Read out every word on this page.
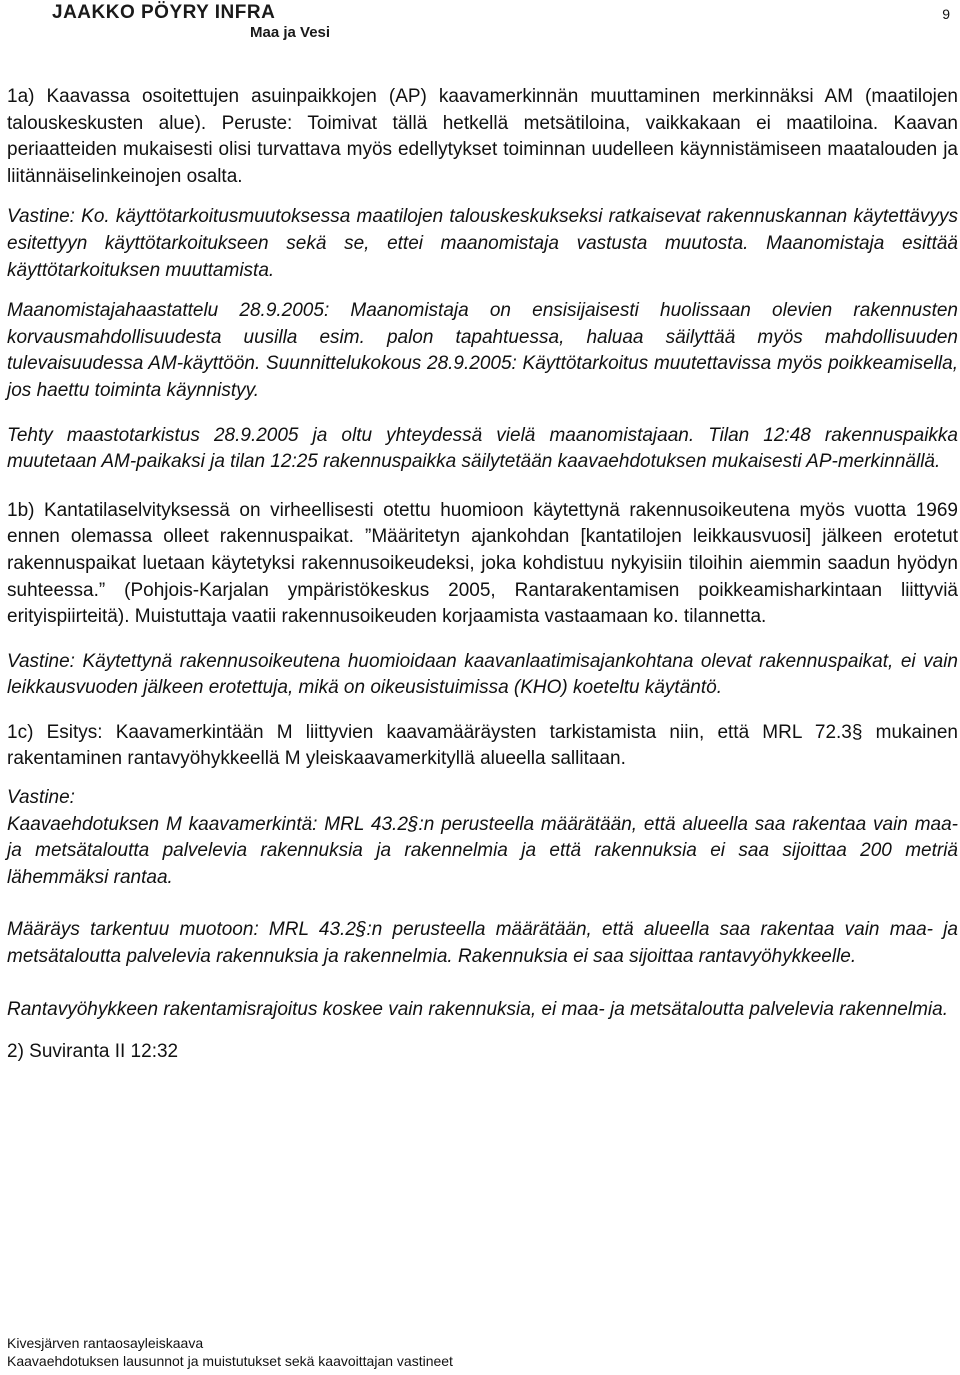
JAAKKO PÖYRY INFRA
Maa ja Vesi
9

1a) Kaavassa osoitettujen asuinpaikkojen (AP) kaavamerkinnän muuttaminen merkinnäksi AM (maatilojen talouskeskusten alue). Peruste: Toimivat tällä hetkellä metsätiloina, vaikkakaan ei maatiloina. Kaavan periaatteiden mukaisesti olisi turvattava myös edellytykset toiminnan uudelleen käynnistämiseen maatalouden ja liitännäiselinkeinojen osalta.

Vastine: Ko. käyttötarkoitusmuutoksessa maatilojen talouskeskukseksi ratkaisevat rakennuskannan käytettävyys esitettyyn käyttötarkoitukseen sekä se, ettei maanomistaja vastusta muutosta. Maanomistaja esittää käyttötarkoituksen muuttamista.

Maanomistajahaastattelu 28.9.2005: Maanomistaja on ensisijaisesti huolissaan olevien rakennusten korvausmahdollisuudesta uusilla esim. palon tapahtuessa, haluaa säilyttää myös mahdollisuuden tulevaisuudessa AM-käyttöön. Suunnittelukokous 28.9.2005: Käyttötarkoitus muutettavissa myös poikkeamisella, jos haettu toiminta käynnistyy.

Tehty maastotarkistus 28.9.2005 ja oltu yhteydessä vielä maanomistajaan. Tilan 12:48 rakennuspaikka muutetaan AM-paikaksi ja tilan 12:25 rakennuspaikka säilytetään kaavaehdotuksen mukaisesti AP-merkinnällä.

1b) Kantatilaselvityksessä on virheellisesti otettu huomioon käytettynä rakennusoikeutena myös vuotta 1969 ennen olemassa olleet rakennuspaikat. ”Määritetyn ajankohdan [kantatilojen leikkausvuosi] jälkeen erotetut rakennuspaikat luetaan käytetyksi rakennusoikeudeksi, joka kohdistuu nykyisiin tiloihin aiemmin saadun hyödyn suhteessa.” (Pohjois-Karjalan ympäristökeskus 2005, Rantarakentamisen poikkeamisharkintaan liittyviä erityispiirteitä). Muistuttaja vaatii rakennusoikeuden korjaamista vastaamaan ko. tilannetta.

Vastine: Käytettynä rakennusoikeutena huomioidaan kaavanlaatimisajankohtana olevat rakennuspaikat, ei vain leikkausvuoden jälkeen erotettuja, mikä on oikeusistuimissa (KHO) koeteltu käytäntö.

1c) Esitys: Kaavamerkintään M liittyvien kaavamääräysten tarkistamista niin, että MRL 72.3§ mukainen rakentaminen rantavyöhykkeellä M yleiskaavamerkityllä alueella sallitaan.

Vastine:

Kaavaehdotuksen M kaavamerkintä: MRL 43.2§:n perusteella määrätään, että alueella saa rakentaa vain maa- ja metsätaloutta palvelevia rakennuksia ja rakennelmia ja että rakennuksia ei saa sijoittaa 200 metriä lähemmäksi rantaa.

Määräys tarkentuu muotoon: MRL 43.2§:n perusteella määrätään, että alueella saa rakentaa vain maa- ja metsätaloutta palvelevia rakennuksia ja rakennelmia. Rakennuksia ei saa sijoittaa rantavyöhykkeelle.

Rantavyöhykkeen rakentamisrajoitus koskee vain rakennuksia, ei maa- ja metsätaloutta palvelevia rakennelmia.

2) Suviranta II 12:32

Kivesjärven rantaosayleiskaava
Kaavaehdotuksen lausunnot ja muistutukset sekä kaavoittajan vastineet
